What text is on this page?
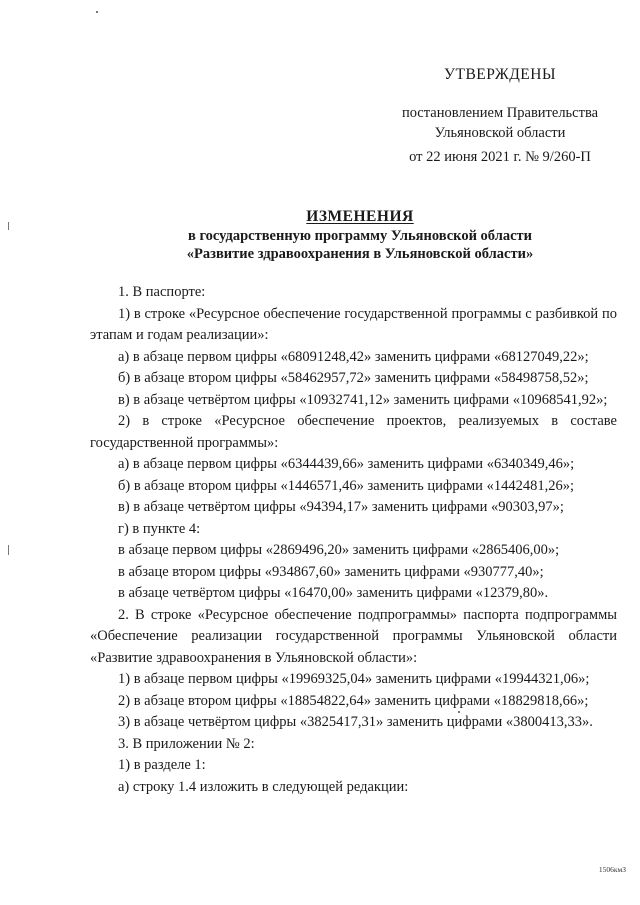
УТВЕРЖДЕНЫ
постановлением Правительства
Ульяновской области
от 22 июня 2021 г. № 9/260-П
ИЗМЕНЕНИЯ
в государственную программу Ульяновской области
«Развитие здравоохранения в Ульяновской области»

1. В паспорте:

1) в строке «Ресурсное обеспечение государственной программы с разбивкой по этапам и годам реализации»:

а) в абзаце первом цифры «68091248,42» заменить цифрами «68127049,22»;

б) в абзаце втором цифры «58462957,72» заменить цифрами «58498758,52»;

в) в абзаце четвёртом цифры «10932741,12» заменить цифрами «10968541,92»;

2) в строке «Ресурсное обеспечение проектов, реализуемых в составе государственной программы»:

а) в абзаце первом цифры «6344439,66» заменить цифрами «6340349,46»;

б) в абзаце втором цифры «1446571,46» заменить цифрами «1442481,26»;

в) в абзаце четвёртом цифры «94394,17» заменить цифрами «90303,97»;

г) в пункте 4:

в абзаце первом цифры «2869496,20» заменить цифрами «2865406,00»;

в абзаце втором цифры «934867,60» заменить цифрами «930777,40»;

в абзаце четвёртом цифры «16470,00» заменить цифрами «12379,80».

2. В строке «Ресурсное обеспечение подпрограммы» паспорта подпрограммы «Обеспечение реализации государственной программы Ульяновской области «Развитие здравоохранения в Ульяновской области»:

1) в абзаце первом цифры «19969325,04» заменить цифрами «19944321,06»;

2) в абзаце втором цифры «18854822,64» заменить цифрами «18829818,66»;

3) в абзаце четвёртом цифры «3825417,31» заменить цифрами «3800413,33».

3. В приложении № 2:

1) в разделе 1:

а) строку 1.4 изложить в следующей редакции:

1506кмЗ
